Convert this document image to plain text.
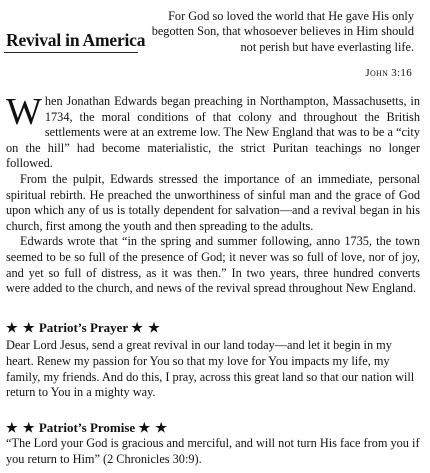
Revival in America
For God so loved the world that He gave His only begotten Son, that whosoever believes in Him should not perish but have everlasting life.
John 3:16

When Jonathan Edwards began preaching in Northampton, Massachusetts, in 1734, the moral conditions of that colony and throughout the British settlements were at an extreme low. The New England that was to be a “city on the hill” had become materialistic, the strict Puritan teachings no longer followed.

From the pulpit, Edwards stressed the importance of an immediate, personal spiritual rebirth. He preached the unworthiness of sinful man and the grace of God upon which any of us is totally dependent for salvation—and a revival began in his church, first among the youth and then spreading to the adults.

Edwards wrote that “in the spring and summer following, anno 1735, the town seemed to be so full of the presence of God; it never was so full of love, nor of joy, and yet so full of distress, as it was then.” In two years, three hundred converts were added to the church, and news of the revival spread throughout New England.

★ ★ Patriot’s Prayer ★ ★
Dear Lord Jesus, send a great revival in our land today—and let it begin in my heart. Renew my passion for You so that my love for You impacts my life, my family, my friends. And do this, I pray, across this great land so that our nation will return to You in a mighty way.
★ ★ Patriot’s Promise ★ ★
“The Lord your God is gracious and merciful, and will not turn His face from you if you return to Him” (2 Chronicles 30:9).
